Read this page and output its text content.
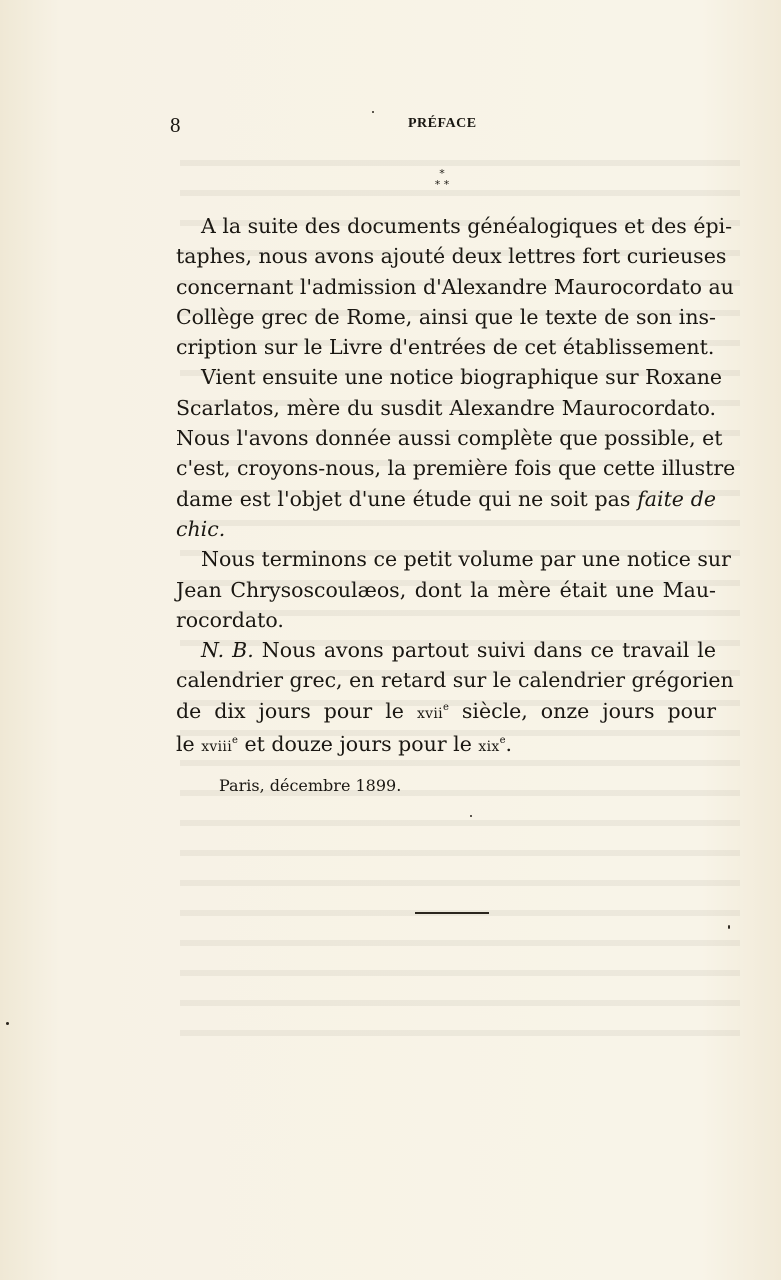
8	PRÉFACE
*
* *

A la suite des documents généalogiques et des épi-
taphes, nous avons ajouté deux lettres fort curieuses
concernant l'admission d'Alexandre Maurocordato au
Collège grec de Rome, ainsi que le texte de son ins-
cription sur le Livre d'entrées de cet établissement.

Vient ensuite une notice biographique sur Roxane
Scarlatos, mère du susdit Alexandre Maurocordato.
Nous l'avons donnée aussi complète que possible, et
c'est, croyons-nous, la première fois que cette illustre
dame est l'objet d'une étude qui ne soit pas faite de
chic.

Nous terminons ce petit volume par une notice sur
Jean Chrysoscoulæos, dont la mère était une Mau-
rocordato.

N. B. Nous avons partout suivi dans ce travail le
calendrier grec, en retard sur le calendrier grégorien
de dix jours pour le xvii$^e$ siècle, onze jours pour
le xviii$^e$ et douze jours pour le xix$^e$.

Paris, décembre 1899.
